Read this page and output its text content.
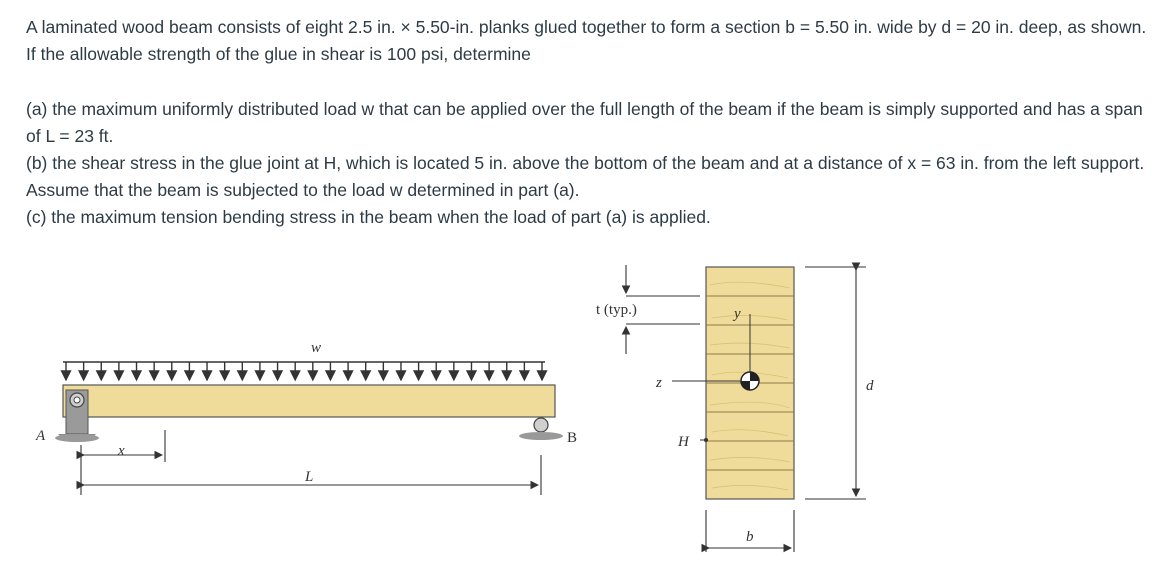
A laminated wood beam consists of eight 2.5 in. × 5.50-in. planks glued together to form a section b = 5.50 in. wide by d = 20 in. deep, as shown. If the allowable strength of the glue in shear is 100 psi, determine

(a) the maximum uniformly distributed load w that can be applied over the full length of the beam if the beam is simply supported and has a span of L = 23 ft.

(b) the shear stress in the glue joint at H, which is located 5 in. above the bottom of the beam and at a distance of x = 63 in. from the left support. Assume that the beam is subjected to the load w determined in part (a).

(c) the maximum tension bending stress in the beam when the load of part (a) is applied.

w
A	B
x
L
y
z
t (typ.)
H
b
d
